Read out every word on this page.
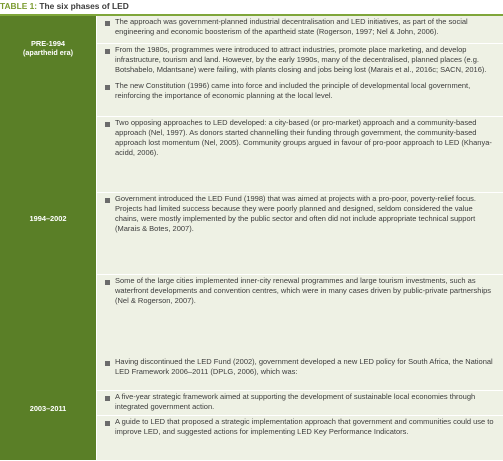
TABLE 1: The six phases of LED
PRE-1994
(apartheid era)
The approach was government-planned industrial decentralisation and LED initiatives, as part of the social engineering and economic boosterism of the apartheid state (Rogerson, 1997; Nel & John, 2006).
From the 1980s, programmes were introduced to attract industries, promote place marketing, and develop infrastructure, tourism and land. However, by the early 1990s, many of the decentralised, planned places (e.g. Botshabelo, Mdantsane) were failing, with plants closing and jobs being lost (Marais et al., 2016c; SACN, 2016).
1994–2002
The new Constitution (1996) came into force and included the principle of developmental local government, reinforcing the importance of economic planning at the local level.
Two opposing approaches to LED developed: a city-based (or pro-market) approach and a community-based approach (Nel, 1997). As donors started channelling their funding through government, the community-based approach lost momentum (Nel, 2005). Community groups argued in favour of pro-poor approach to LED (Khanya-acidd, 2006).
Government introduced the LED Fund (1998) that was aimed at projects with a pro-poor, poverty-relief focus. Projects had limited success because they were poorly planned and designed, seldom considered the value chains, were mostly implemented by the public sector and often did not include appropriate technical support (Marais & Botes, 2007).
Some of the large cities implemented inner-city renewal programmes and large tourism investments, such as waterfront developments and convention centres, which were in many cases driven by public-private partnerships (Nel & Rogerson, 2007).
2003–2011
Having discontinued the LED Fund (2002), government developed a new LED policy for South Africa, the National LED Framework 2006–2011 (DPLG, 2006), which was:
A five-year strategic framework aimed at supporting the development of sustainable local economies through integrated government action.
A guide to LED that proposed a strategic implementation approach that government and communities could use to improve LED, and suggested actions for implementing LED Key Performance Indicators.
